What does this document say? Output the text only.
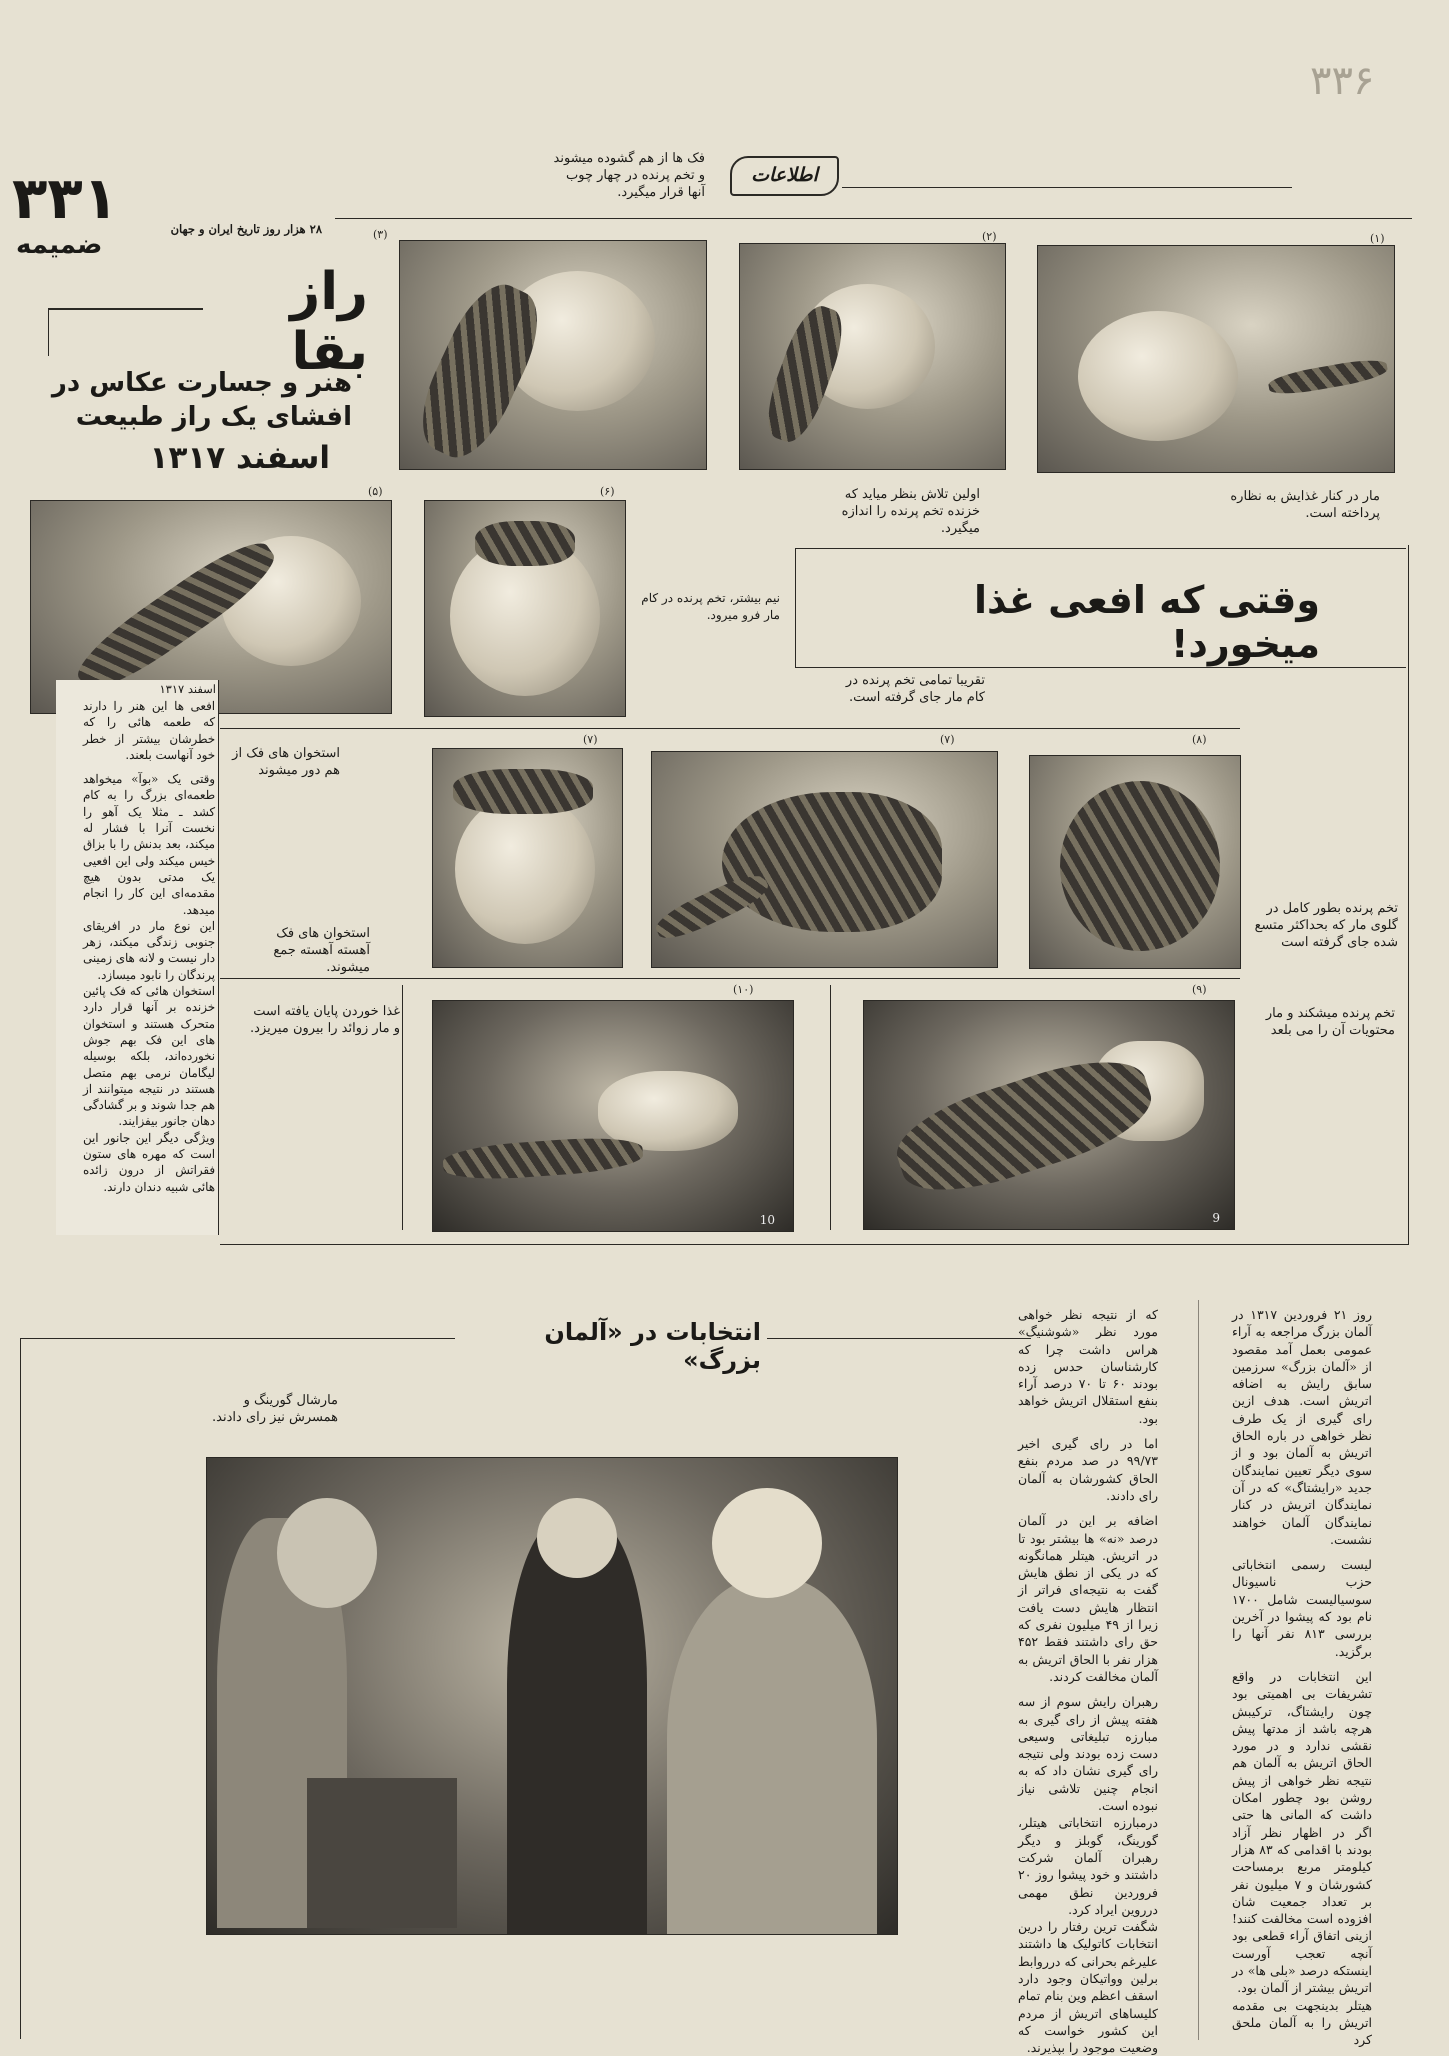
۳۳۱
ضمیمه
۳۳۶
اطلاعات
فک ها از هم گشوده میشوند و تخم پرنده در چهار چوب آنها قرار میگیرد.
۲۸ هزار روز تاریخ ایران و جهان
راز بقا
هنر و جسارت عکاس در
افشای یک راز طبیعت
اسفند ۱۳۱۷
(۳)	(۲)	(۱)
مار در کنار غذایش به نظاره پرداخته است.
اولین تلاش بنظر میاید که خزنده تخم پرنده را اندازه میگیرد.
(۵)	(۶)
نیم بیشتر، تخم پرنده در کام مار فرو میرود.	وقتی که افعی غذا میخورد!
تقریبا تمامی تخم پرنده در کام مار جای گرفته است.
اسفند ۱۳۱۷
افعی ها این هنر را دارند که طعمه هائی را که خطرشان بیشتر از خطر خود آنهاست بلعند.
وقتی یک «بوآ» میخواهد طعمه‌ای بزرگ را به کام کشد ـ مثلا یک آهو را نخست آنرا با فشار له میکند، بعد بدنش را با بزاق خیس میکند ولی این افعیی یک مدتی بدون هیچ مقدمه‌ای این کار را انجام میدهد.
این نوع مار در افریقای جنوبی زندگی میکند، زهر دار نیست و لانه های زمینی پرندگان را نابود میسازد.
استخوان هائی که فک پائین خزنده بر آنها قرار دارد متحرک هستند و استخوان های این فک بهم جوش نخورده‌اند، بلکه بوسیله لیگامان نرمی بهم متصل هستند در نتیجه میتوانند از هم جدا شوند و بر گشادگی دهان جانور بیفزایند.
ویژگی دیگر این جانور این است که مهره های ستون فقراتش از درون زائده هائی شبیه دندان دارند.
استخوان های فک از هم دور میشوند
(۷)	(۷)	(۸)
تخم پرنده بطور کامل در گلوی مار که بحداکثر متسع شده جای گرفته است
استخوان های فک آهسته آهسته جمع میشوند.
غذا خوردن پایان یافته است و مار زوائد را بیرون میریزد.
(۱۰)
10
(۹)
9
تخم پرنده میشکند و مار محتویات آن را می بلعد
انتخابات در «آلمان بزرگ»
مارشال گورینگ و همسرش نیز رای دادند.
که از نتیجه نظر خواهی مورد نظر «شوشنیگ» هراس داشت چرا که کارشناسان حدس زده بودند ۶۰ تا ۷۰ درصد آراء بنفع استقلال اتریش خواهد بود.
اما در رای گیری اخیر ۹۹/۷۳ در صد مردم بنفع الحاق کشورشان به آلمان رای دادند.
اضافه بر این در آلمان درصد «نه» ها بیشتر بود تا در اتریش. هیتلر همانگونه که در یکی از نطق هایش گفت به نتیجه‌ای فراتر از انتظار هایش دست یافت زیرا از ۴۹ میلیون نفری که حق رای داشتند فقط ۴۵۲ هزار نفر با الحاق اتریش به آلمان مخالفت کردند.
رهبران رایش سوم از سه هفته پیش از رای گیری به مبارزه تبلیغاتی وسیعی دست زده بودند ولی نتیجه رای گیری نشان داد که به انجام چنین تلاشی نیاز نبوده است.
درمبارزه انتخاباتی هیتلر، گورینگ، گوبلز و دیگر رهبران آلمان شرکت داشتند و خود پیشوا روز ۲۰ فروردین نطق مهمی درروین ایراد کرد.
شگفت ترین رفتار را درین انتخابات کاتولیک ها داشتند علیرغم بحرانی که درروابط برلین وواتیکان وجود دارد اسقف اعظم وین بنام تمام کلیساهای اتریش از مردم این کشور خواست که وضعیت موجود را بپذیرند.
روز ۲۱ فروردین ۱۳۱۷ در آلمان بزرگ مراجعه به آراء عمومی بعمل آمد مقصود از «آلمان بزرگ» سرزمین سابق رایش به اضافه اتریش است. هدف ازین رای گیری از یک طرف نظر خواهی در باره الحاق اتریش به آلمان بود و از سوی دیگر تعیین نمایندگان جدید «رایشتاگ» که در آن نمایندگان اتریش در کنار نمایندگان آلمان خواهند نشست.
لیست رسمی انتخاباتی حزب ناسیونال سوسیالیست شامل ۱۷۰۰ نام بود که پیشوا در آخرین بررسی ۸۱۳ نفر آنها را برگزید.
این انتخابات در واقع تشریفات بی اهمیتی بود چون رایشتاگ، ترکیبش هرچه باشد از مدتها پیش نقشی ندارد و در مورد الحاق اتریش به آلمان هم نتیجه نظر خواهی از پیش روشن بود چطور امکان داشت که المانی ها حتی اگر در اظهار نظر آزاد بودند با اقدامی که ۸۳ هزار کیلومتر مربع برمساحت کشورشان و ۷ میلیون نفر بر تعداد جمعیت شان افزوده است مخالفت کنند! ازینی اتفاق آراء قطعی بود آنچه تعجب آورست اینستکه درصد «بلی ها» در اتریش بیشتر از آلمان بود.
هیتلر بدینجهت بی مقدمه اتریش را به آلمان ملحق کرد
